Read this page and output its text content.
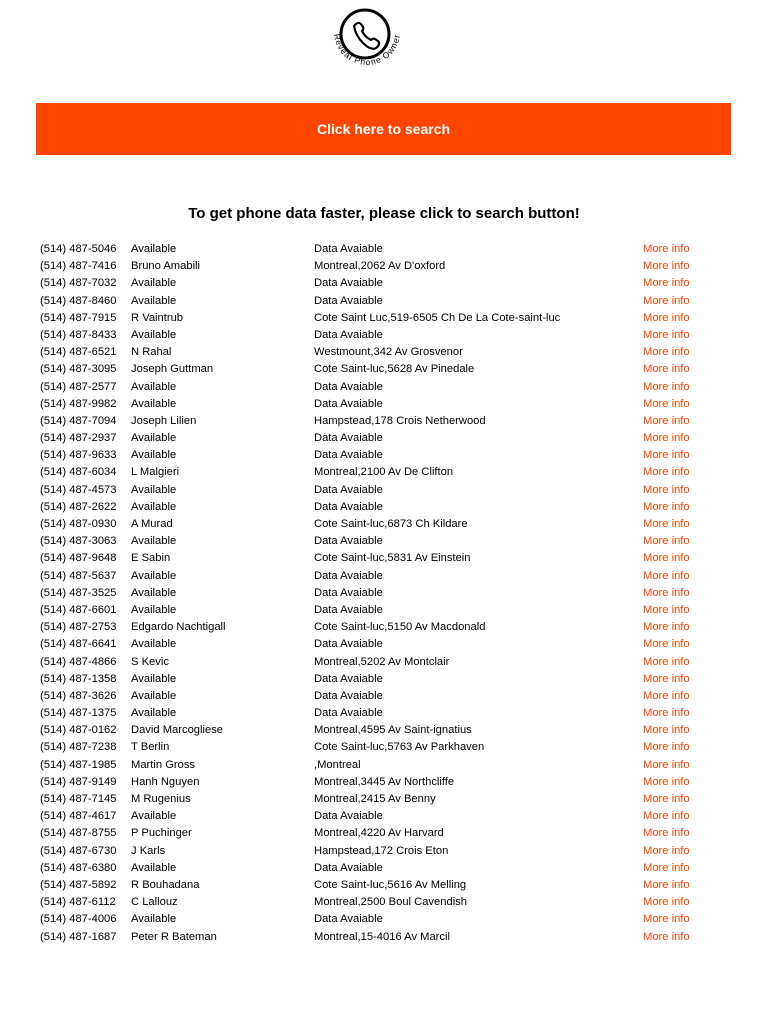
Reveal Phone Owner
Click here to search
To get phone data faster, please click to search button!
(514) 487-5046 Available	Data Avaiable	More info
(514) 487-7416 Bruno Amabili	Montreal,2062 Av D'oxford	More info
(514) 487-7032 Available	Data Avaiable	More info
(514) 487-8460 Available	Data Avaiable	More info
(514) 487-7915 R Vaintrub	Cote Saint Luc,519-6505 Ch De La Cote-saint-luc	More info
(514) 487-8433 Available	Data Avaiable	More info
(514) 487-6521 N Rahal	Westmount,342 Av Grosvenor	More info
(514) 487-3095 Joseph Guttman	Cote Saint-luc,5628 Av Pinedale	More info
(514) 487-2577 Available	Data Avaiable	More info
(514) 487-9982 Available	Data Avaiable	More info
(514) 487-7094 Joseph Lilien	Hampstead,178 Crois Netherwood	More info
(514) 487-2937 Available	Data Avaiable	More info
(514) 487-9633 Available	Data Avaiable	More info
(514) 487-6034 L Malgieri	Montreal,2100 Av De Clifton	More info
(514) 487-4573 Available	Data Avaiable	More info
(514) 487-2622 Available	Data Avaiable	More info
(514) 487-0930 A Murad	Cote Saint-luc,6873 Ch Kildare	More info
(514) 487-3063 Available	Data Avaiable	More info
(514) 487-9648 E Sabin	Cote Saint-luc,5831 Av Einstein	More info
(514) 487-5637 Available	Data Avaiable	More info
(514) 487-3525 Available	Data Avaiable	More info
(514) 487-6601 Available	Data Avaiable	More info
(514) 487-2753 Edgardo Nachtigall	Cote Saint-luc,5150 Av Macdonald	More info
(514) 487-6641 Available	Data Avaiable	More info
(514) 487-4866 S Kevic	Montreal,5202 Av Montclair	More info
(514) 487-1358 Available	Data Avaiable	More info
(514) 487-3626 Available	Data Avaiable	More info
(514) 487-1375 Available	Data Avaiable	More info
(514) 487-0162 David Marcogliese	Montreal,4595 Av Saint-ignatius	More info
(514) 487-7238 T Berlin	Cote Saint-luc,5763 Av Parkhaven	More info
(514) 487-1985 Martin Gross	,Montreal	More info
(514) 487-9149 Hanh Nguyen	Montreal,3445 Av Northcliffe	More info
(514) 487-7145 M Rugenius	Montreal,2415 Av Benny	More info
(514) 487-4617 Available	Data Avaiable	More info
(514) 487-8755 P Puchinger	Montreal,4220 Av Harvard	More info
(514) 487-6730 J Karls	Hampstead,172 Crois Eton	More info
(514) 487-6380 Available	Data Avaiable	More info
(514) 487-5892 R Bouhadana	Cote Saint-luc,5616 Av Melling	More info
(514) 487-6112 C Lallouz	Montreal,2500 Boul Cavendish	More info
(514) 487-4006 Available	Data Avaiable	More info
(514) 487-1687 Peter R Bateman	Montreal,15-4016 Av Marcil	More info
